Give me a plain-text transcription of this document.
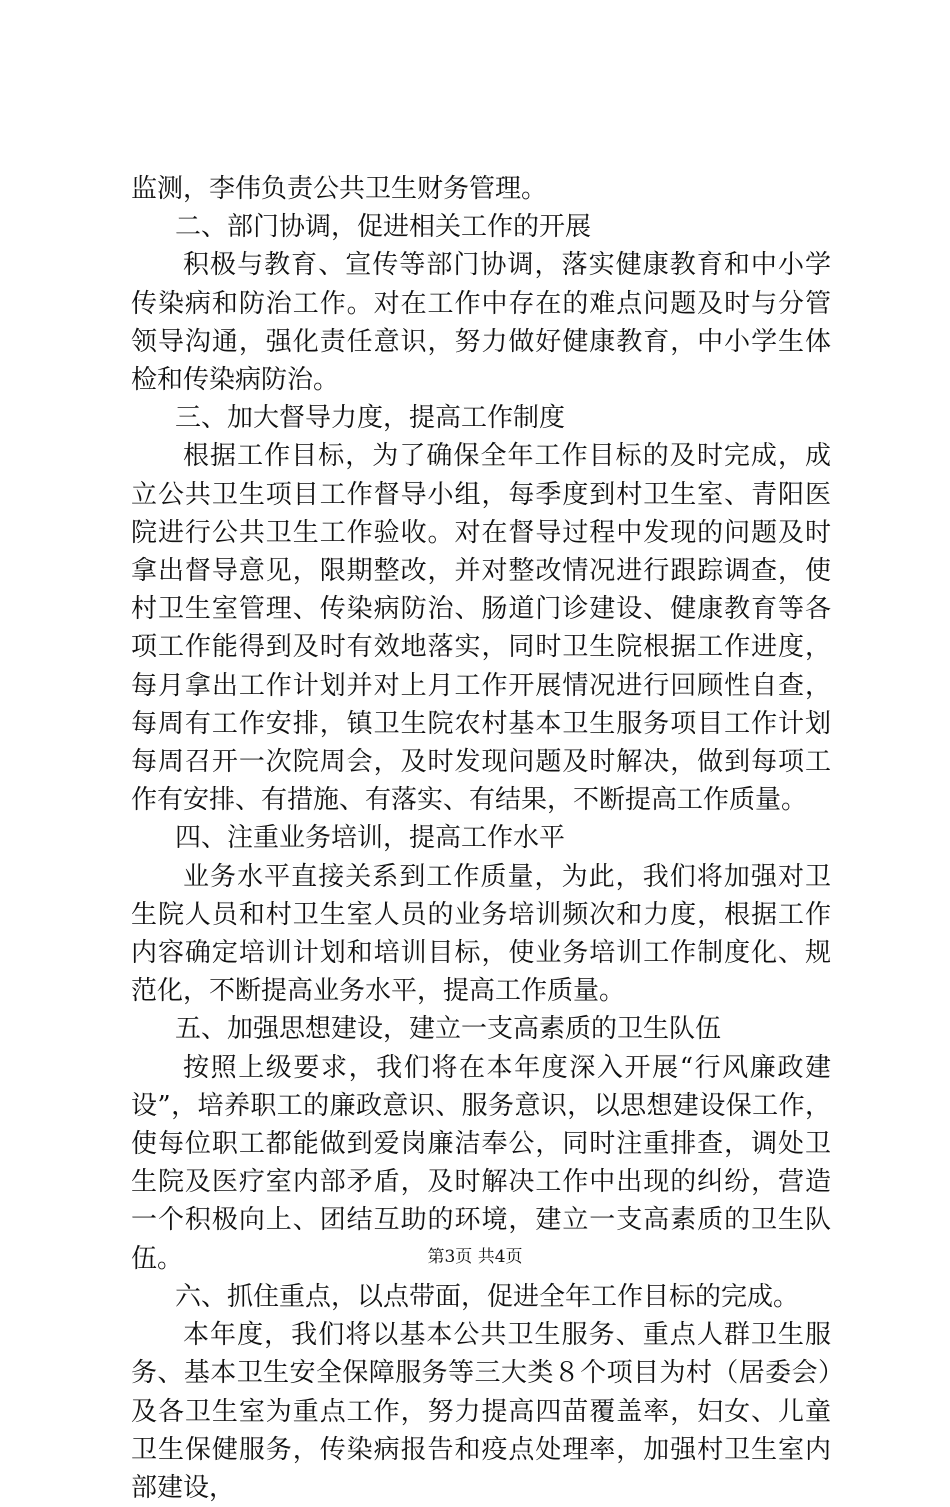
监测，李伟负责公共卫生财务管理。

二、部门协调，促进相关工作的开展

积极与教育、宣传等部门协调，落实健康教育和中小学传染病和防治工作。对在工作中存在的难点问题及时与分管领导沟通，强化责任意识，努力做好健康教育，中小学生体检和传染病防治。

三、加大督导力度，提高工作制度

根据工作目标，为了确保全年工作目标的及时完成，成立公共卫生项目工作督导小组，每季度到村卫生室、青阳医院进行公共卫生工作验收。对在督导过程中发现的问题及时拿出督导意见，限期整改，并对整改情况进行跟踪调查，使村卫生室管理、传染病防治、肠道门诊建设、健康教育等各项工作能得到及时有效地落实，同时卫生院根据工作进度，每月拿出工作计划并对上月工作开展情况进行回顾性自查，每周有工作安排，镇卫生院农村基本卫生服务项目工作计划每周召开一次院周会，及时发现问题及时解决，做到每项工作有安排、有措施、有落实、有结果，不断提高工作质量。

四、注重业务培训，提高工作水平

业务水平直接关系到工作质量，为此，我们将加强对卫生院人员和村卫生室人员的业务培训频次和力度，根据工作内容确定培训计划和培训目标，使业务培训工作制度化、规范化，不断提高业务水平，提高工作质量。

五、加强思想建设，建立一支高素质的卫生队伍

按照上级要求，我们将在本年度深入开展“行风廉政建设”，培养职工的廉政意识、服务意识，以思想建设保工作，使每位职工都能做到爱岗廉洁奉公，同时注重排查，调处卫生院及医疗室内部矛盾，及时解决工作中出现的纠纷，营造一个积极向上、团结互助的环境，建立一支高素质的卫生队伍。

六、抓住重点，以点带面，促进全年工作目标的完成。

本年度，我们将以基本公共卫生服务、重点人群卫生服务、基本卫生安全保障服务等三大类８个项目为村（居委会）及各卫生室为重点工作，努力提高四苗覆盖率，妇女、儿童卫生保健服务，传染病报告和疫点处理率，加强村卫生室内部建设，

第3页 共4页
